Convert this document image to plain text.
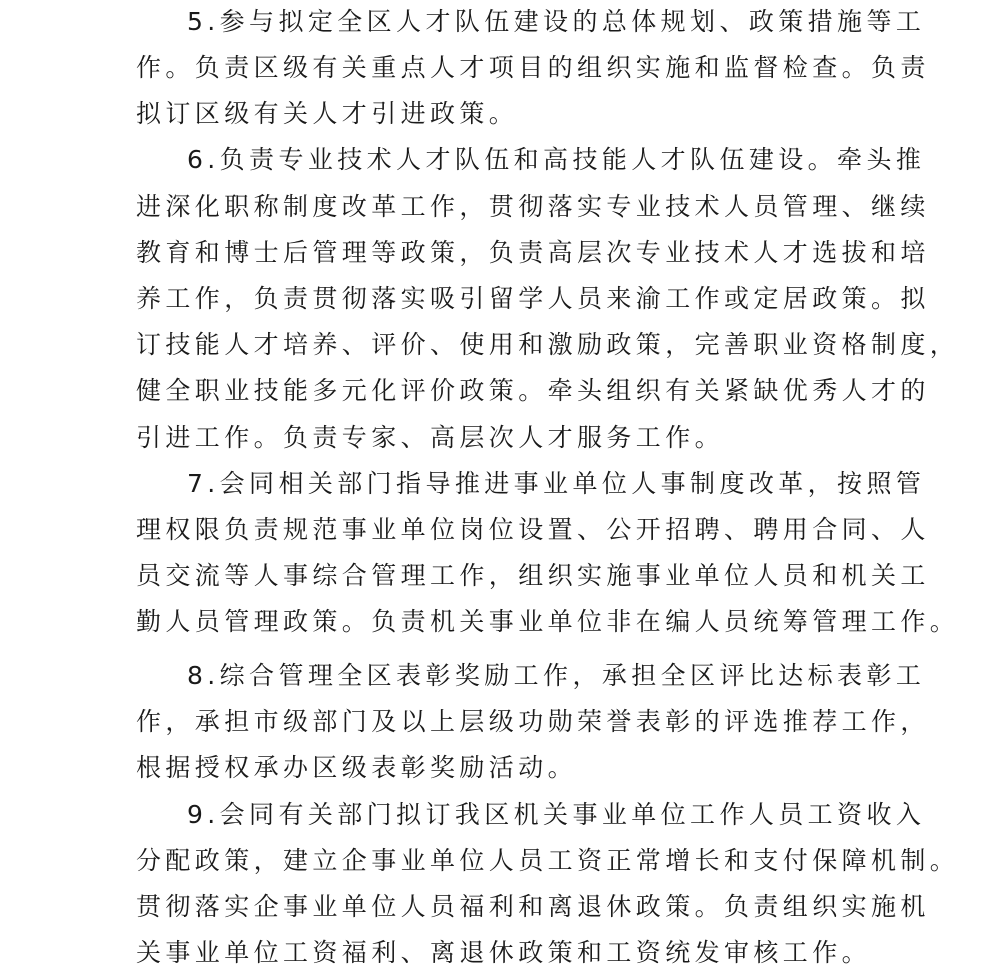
5.参与拟定全区人才队伍建设的总体规划、政策措施等工
作。负责区级有关重点人才项目的组织实施和监督检查。负责
拟订区级有关人才引进政策。
6.负责专业技术人才队伍和高技能人才队伍建设。牵头推
进深化职称制度改革工作，贯彻落实专业技术人员管理、继续
教育和博士后管理等政策，负责高层次专业技术人才选拔和培
养工作，负责贯彻落实吸引留学人员来渝工作或定居政策。拟
订技能人才培养、评价、使用和激励政策，完善职业资格制度，
健全职业技能多元化评价政策。牵头组织有关紧缺优秀人才的
引进工作。负责专家、高层次人才服务工作。
7.会同相关部门指导推进事业单位人事制度改革，按照管
理权限负责规范事业单位岗位设置、公开招聘、聘用合同、人
员交流等人事综合管理工作，组织实施事业单位人员和机关工
勤人员管理政策。负责机关事业单位非在编人员统筹管理工作。
8.综合管理全区表彰奖励工作，承担全区评比达标表彰工
作，承担市级部门及以上层级功勋荣誉表彰的评选推荐工作，
根据授权承办区级表彰奖励活动。
9.会同有关部门拟订我区机关事业单位工作人员工资收入
分配政策，建立企事业单位人员工资正常增长和支付保障机制。
贯彻落实企事业单位人员福利和离退休政策。负责组织实施机
关事业单位工资福利、离退休政策和工资统发审核工作。
